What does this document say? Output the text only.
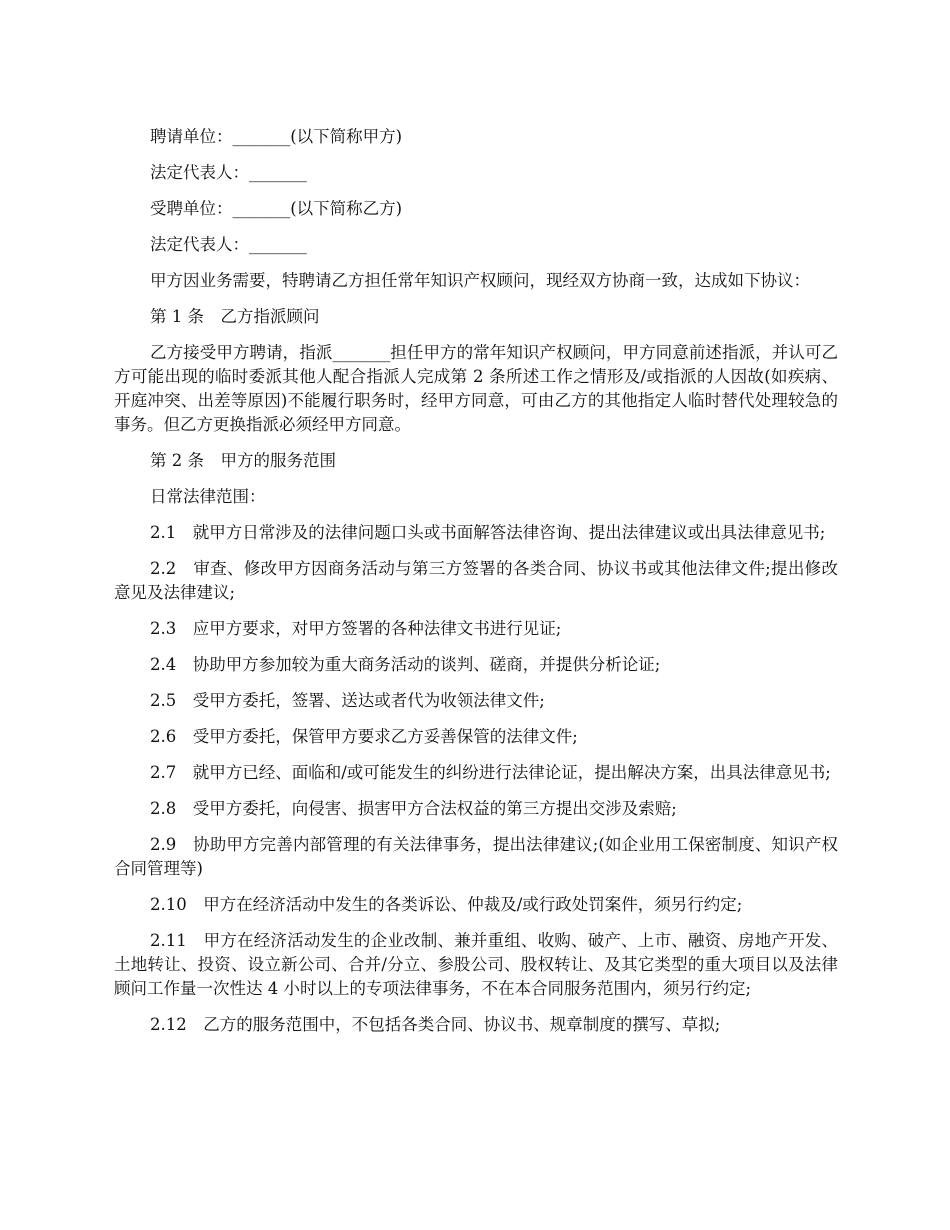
聘请单位：_______(以下简称甲方)

法定代表人：_______

受聘单位：_______(以下简称乙方)

法定代表人：_______

甲方因业务需要，特聘请乙方担任常年知识产权顾问，现经双方协商一致，达成如下协议：

第 1 条　乙方指派顾问

乙方接受甲方聘请，指派_______担任甲方的常年知识产权顾问，甲方同意前述指派，并认可乙方可能出现的临时委派其他人配合指派人完成第 2 条所述工作之情形及/或指派的人因故(如疾病、开庭冲突、出差等原因)不能履行职务时，经甲方同意，可由乙方的其他指定人临时替代处理较急的事务。但乙方更换指派必须经甲方同意。

第 2 条　甲方的服务范围

日常法律范围：

2.1　就甲方日常涉及的法律问题口头或书面解答法律咨询、提出法律建议或出具法律意见书;

2.2　审查、修改甲方因商务活动与第三方签署的各类合同、协议书或其他法律文件;提出修改意见及法律建议;

2.3　应甲方要求，对甲方签署的各种法律文书进行见证;

2.4　协助甲方参加较为重大商务活动的谈判、磋商，并提供分析论证;

2.5　受甲方委托，签署、送达或者代为收领法律文件;

2.6　受甲方委托，保管甲方要求乙方妥善保管的法律文件;

2.7　就甲方已经、面临和/或可能发生的纠纷进行法律论证，提出解决方案，出具法律意见书;

2.8　受甲方委托，向侵害、损害甲方合法权益的第三方提出交涉及索赔;

2.9　协助甲方完善内部管理的有关法律事务，提出法律建议;(如企业用工保密制度、知识产权合同管理等)

2.10　甲方在经济活动中发生的各类诉讼、仲裁及/或行政处罚案件，须另行约定;

2.11　甲方在经济活动发生的企业改制、兼并重组、收购、破产、上市、融资、房地产开发、土地转让、投资、设立新公司、合并/分立、参股公司、股权转让、及其它类型的重大项目以及法律顾问工作量一次性达 4 小时以上的专项法律事务，不在本合同服务范围内，须另行约定;

2.12　乙方的服务范围中，不包括各类合同、协议书、规章制度的撰写、草拟;
